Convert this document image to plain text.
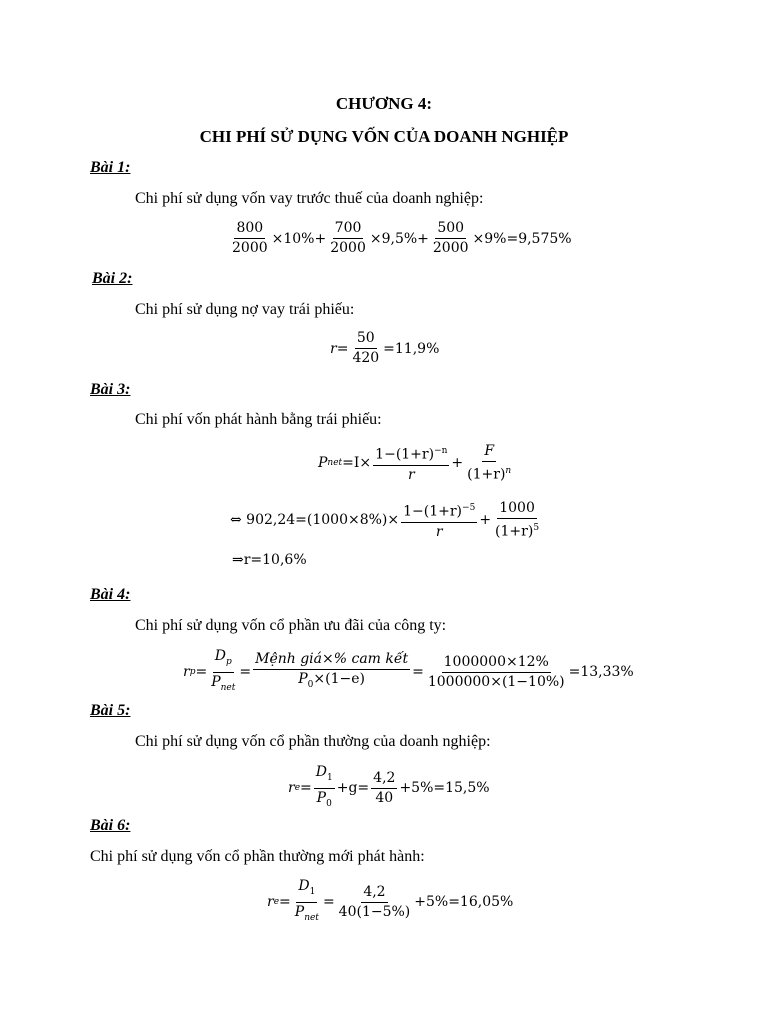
CHƯƠNG 4:
CHI PHÍ SỬ DỤNG VỐN CỦA DOANH NGHIỆP
Bài 1:
Chi phí sử dụng vốn vay trước thuế của doanh nghiệp:
$\frac{800}{2000} \times 10\%+ \frac{700}{2000} \times 9,5\%+ \frac{500}{2000} \times 9\%=9,575\%$
Bài 2:
Chi phí sử dụng nợ vay trái phiếu:
$r = \frac{50}{420} =11,9\%$
Bài 3:
Chi phí vốn phát hành bằng trái phiếu:
P net $=I\times \frac{1-(1+r)^{-n}}{r} + \frac{F}{(1+r)^n}$
⇔ $902,24=(1000\times 8\%)\times \frac{1-(1+r)^{-5}}{r} + \frac{1000}{(1+r)^5}$
⇒r=10,6%
Bài 4:
Chi phí sử dụng vốn cổ phần ưu đãi của công ty:
r $p = \frac{D_p}{P_{net}} = \frac{\text{Mệnh giá×\% cam kết}}{P_0\times(1-e)} = \frac{1000000\times 12\%}{1000000\times(1-10\%)} =13,33\%$
Bài 5:
Chi phí sử dụng vốn cổ phần thường của doanh nghiệp:
r $e = \frac{D_1}{P_0} +g= \frac{4,2}{40} +5\%=15,5\%$
Bài 6:
Chi phí sử dụng vốn cổ phần thường mới phát hành:
r $e = \frac{D_1}{P_{net}} = \frac{4,2}{40(1-5\%)} +5\%=16,05\%$
